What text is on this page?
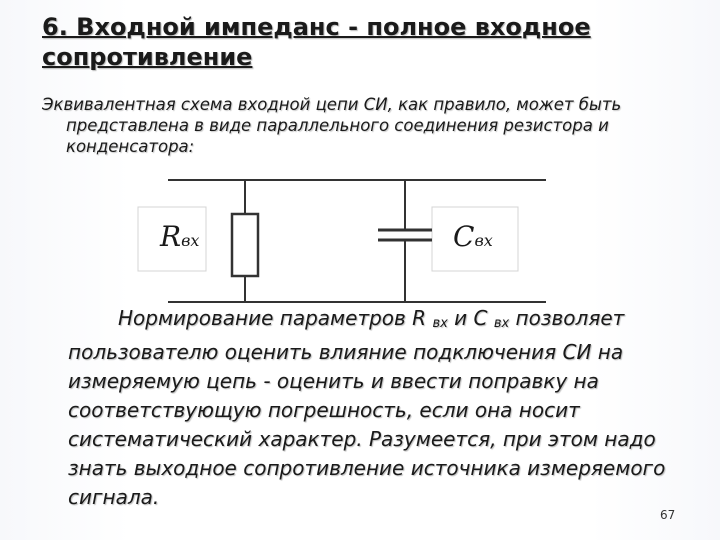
6. Входной импеданс - полное входное сопротивление

Эквивалентная схема входной цепи СИ, как правило, может быть представлена в виде параллельного соединения резистора и конденсатора:

Rвх	Cвх

Нормирование параметров R вх и С вх позволяет пользователю оценить влияние подключения СИ на измеряемую цепь - оценить и ввести поправку на соответствующую погрешность, если она носит систематический характер. Разумеется, при этом надо знать выходное сопротивление источника измеряемого сигнала.

67
